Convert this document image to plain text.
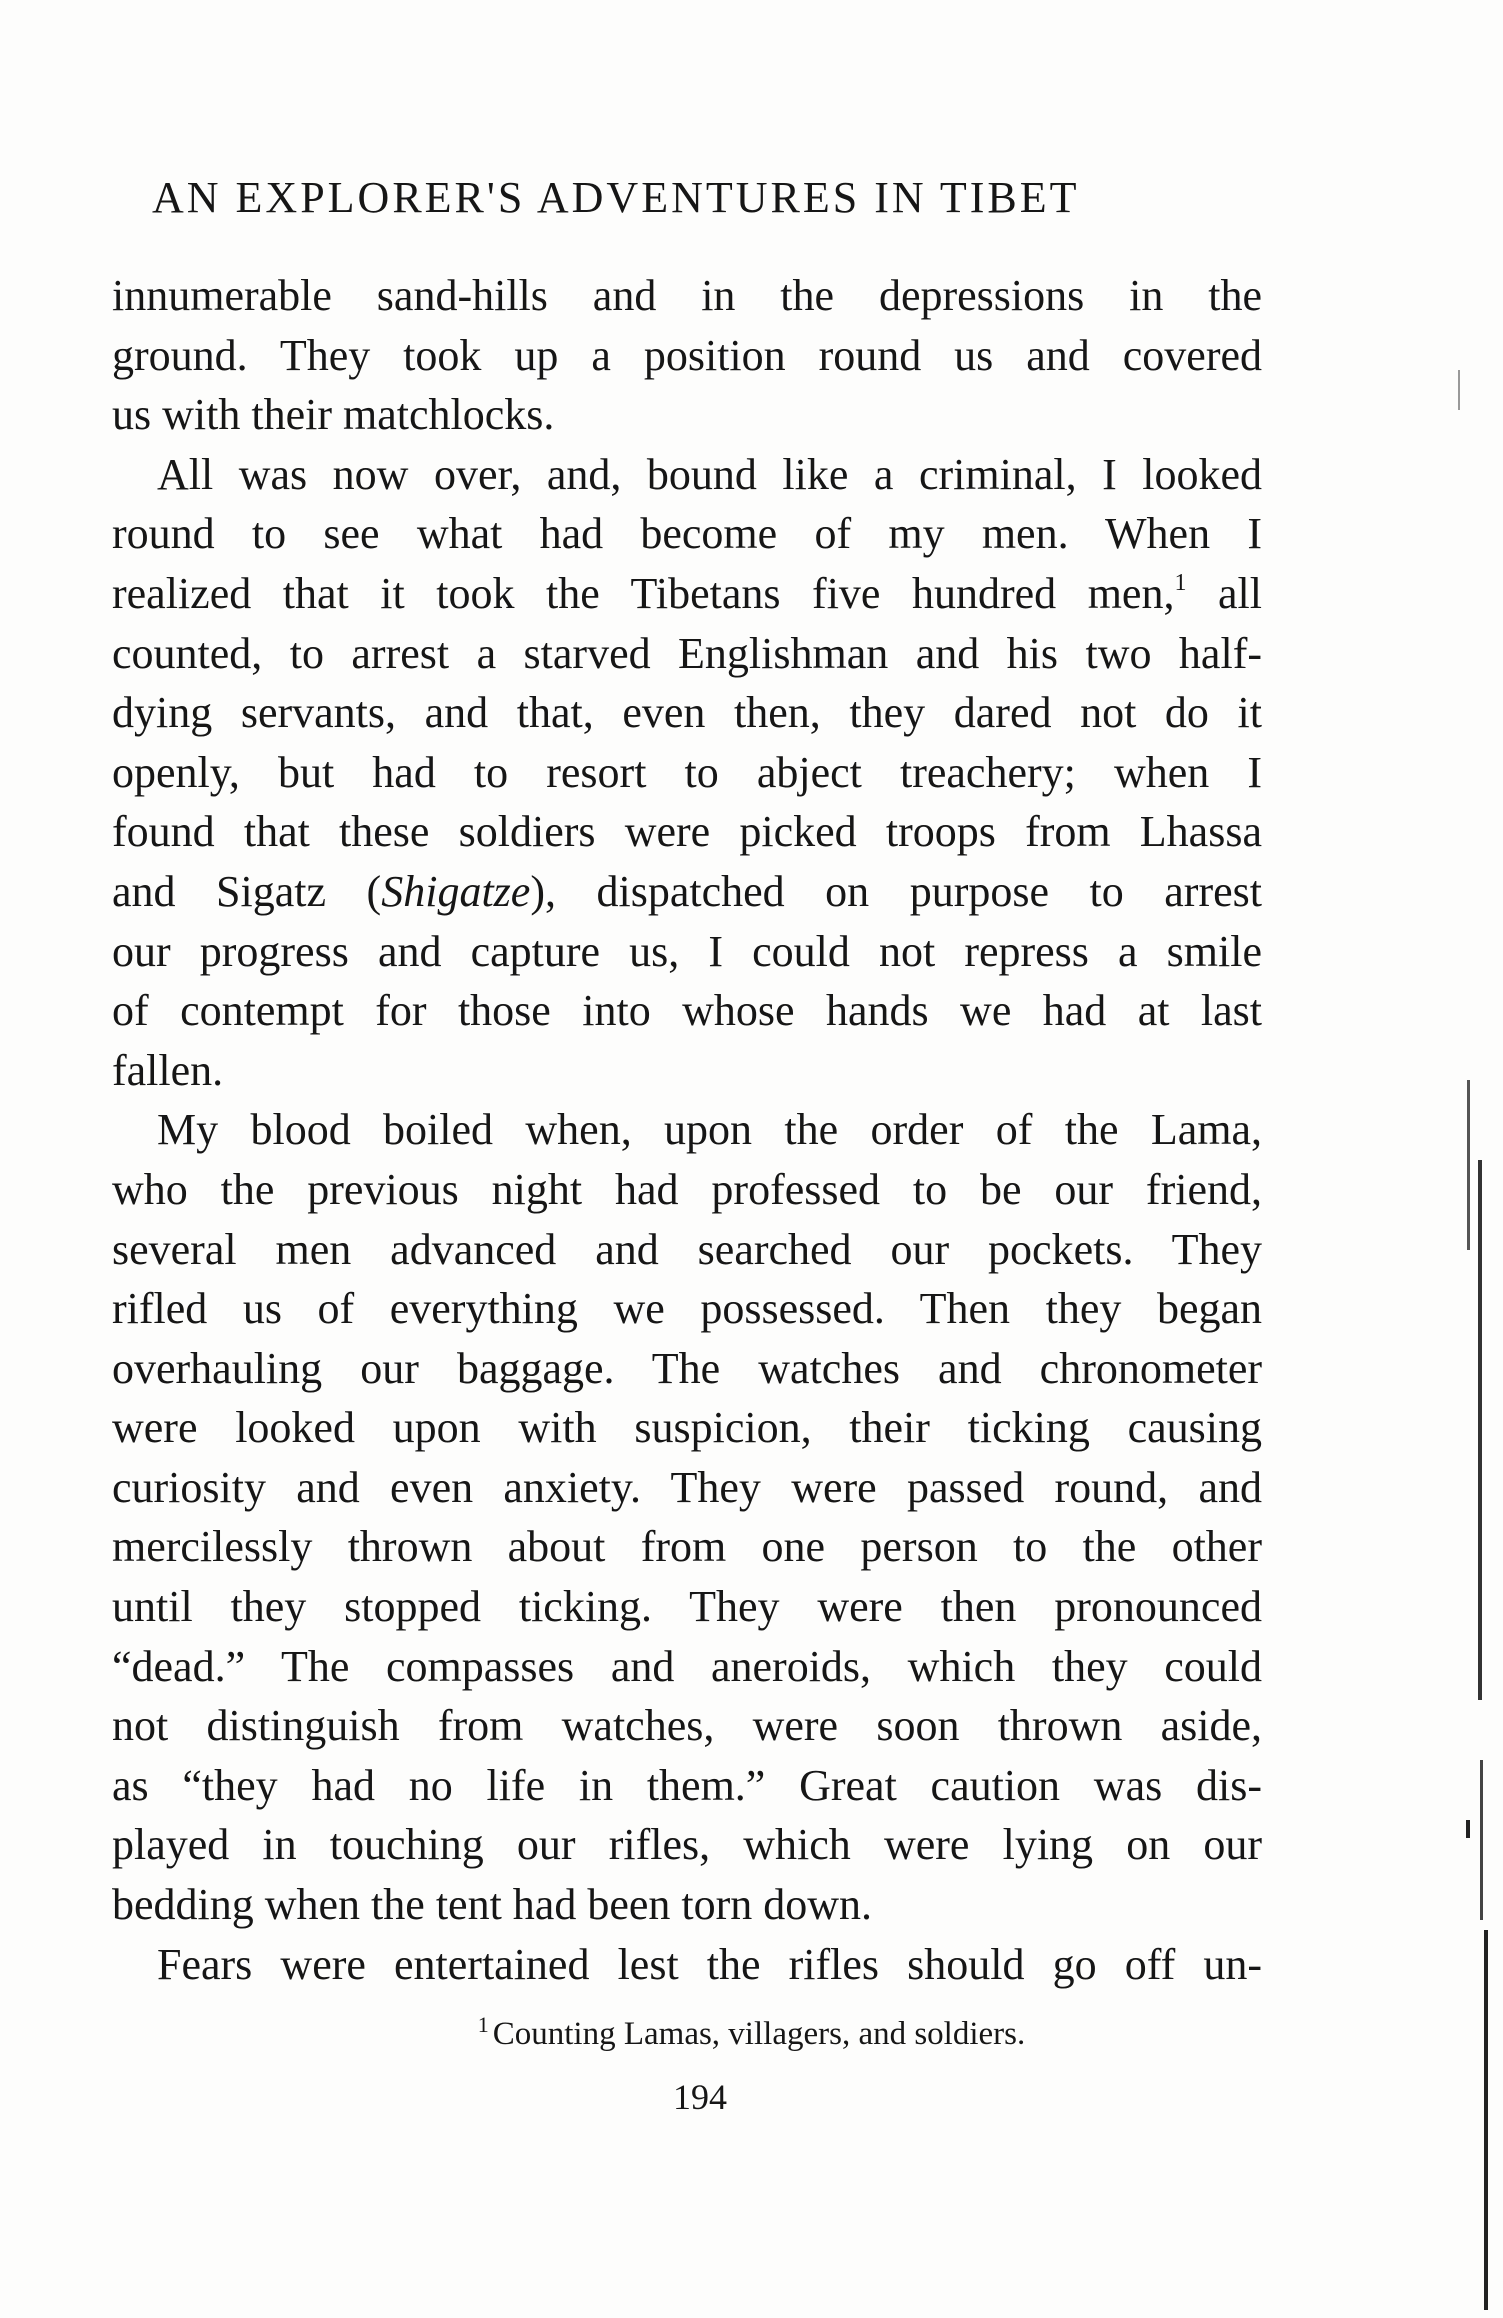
AN EXPLORER'S ADVENTURES IN TIBET
innumerable sand-hills and in the depressions in the
ground. They took up a position round us and covered
us with their matchlocks.
All was now over, and, bound like a criminal, I looked
round to see what had become of my men. When I
realized that it took the Tibetans five hundred men,$^1$ all
counted, to arrest a starved Englishman and his two half-
dying servants, and that, even then, they dared not do it
openly, but had to resort to abject treachery; when I
found that these soldiers were picked troops from Lhassa
and Sigatz (Shigatze), dispatched on purpose to arrest
our progress and capture us, I could not repress a smile
of contempt for those into whose hands we had at last
fallen.
My blood boiled when, upon the order of the Lama,
who the previous night had professed to be our friend,
several men advanced and searched our pockets. They
rifled us of everything we possessed. Then they began
overhauling our baggage. The watches and chronometer
were looked upon with suspicion, their ticking causing
curiosity and even anxiety. They were passed round, and
mercilessly thrown about from one person to the other
until they stopped ticking. They were then pronounced
“dead.” The compasses and aneroids, which they could
not distinguish from watches, were soon thrown aside,
as “they had no life in them.” Great caution was dis-
played in touching our rifles, which were lying on our
bedding when the tent had been torn down.
Fears were entertained lest the rifles should go off un-
$^1$ Counting Lamas, villagers, and soldiers.
194
